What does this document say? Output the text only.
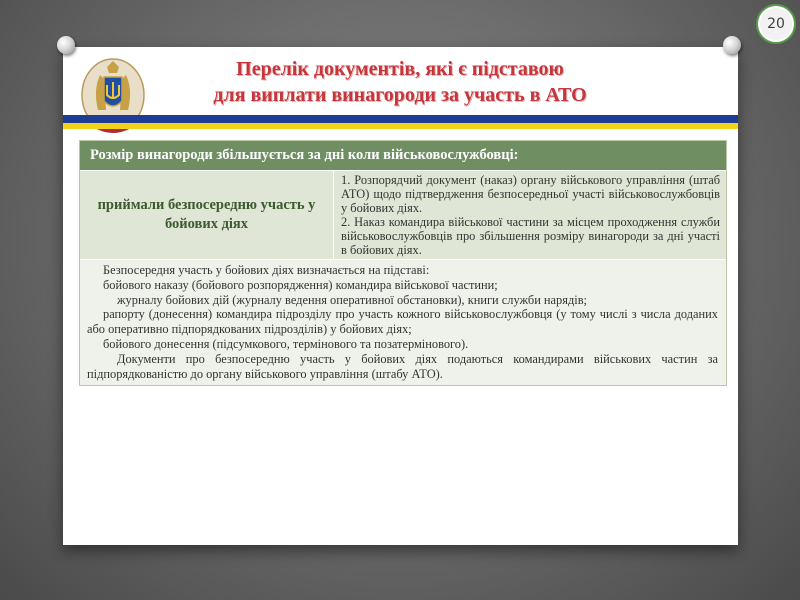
20
Перелік документів, які є підставою
для виплати винагороди за участь в АТО
Розмір винагороди збільшується за дні коли військовослужбовці:
приймали безпосередню участь у бойових діях

1. Розпорядчий документ (наказ) органу військового управління (штаб АТО) щодо підтвердження безпосередньої участі військовослужбовців у бойових діях.

2. Наказ командира військової частини за місцем проходження служби військовослужбовців про збільшення розміру винагороди за дні участі в бойових діях.

Безпосередня участь у бойових діях визначається на підставі:

бойового наказу (бойового розпорядження) командира військової частини;

журналу бойових дій (журналу ведення оперативної обстановки), книги служби нарядів;

рапорту (донесення) командира підрозділу про участь кожного військовослужбовця (у тому числі з числа доданих або оперативно підпорядкованих підрозділів) у бойових діях;

бойового донесення (підсумкового, термінового та позатермінового).

Документи про безпосередню участь у бойових діях подаються командирами військових частин за підпорядкованістю до органу військового управління (штабу АТО).
